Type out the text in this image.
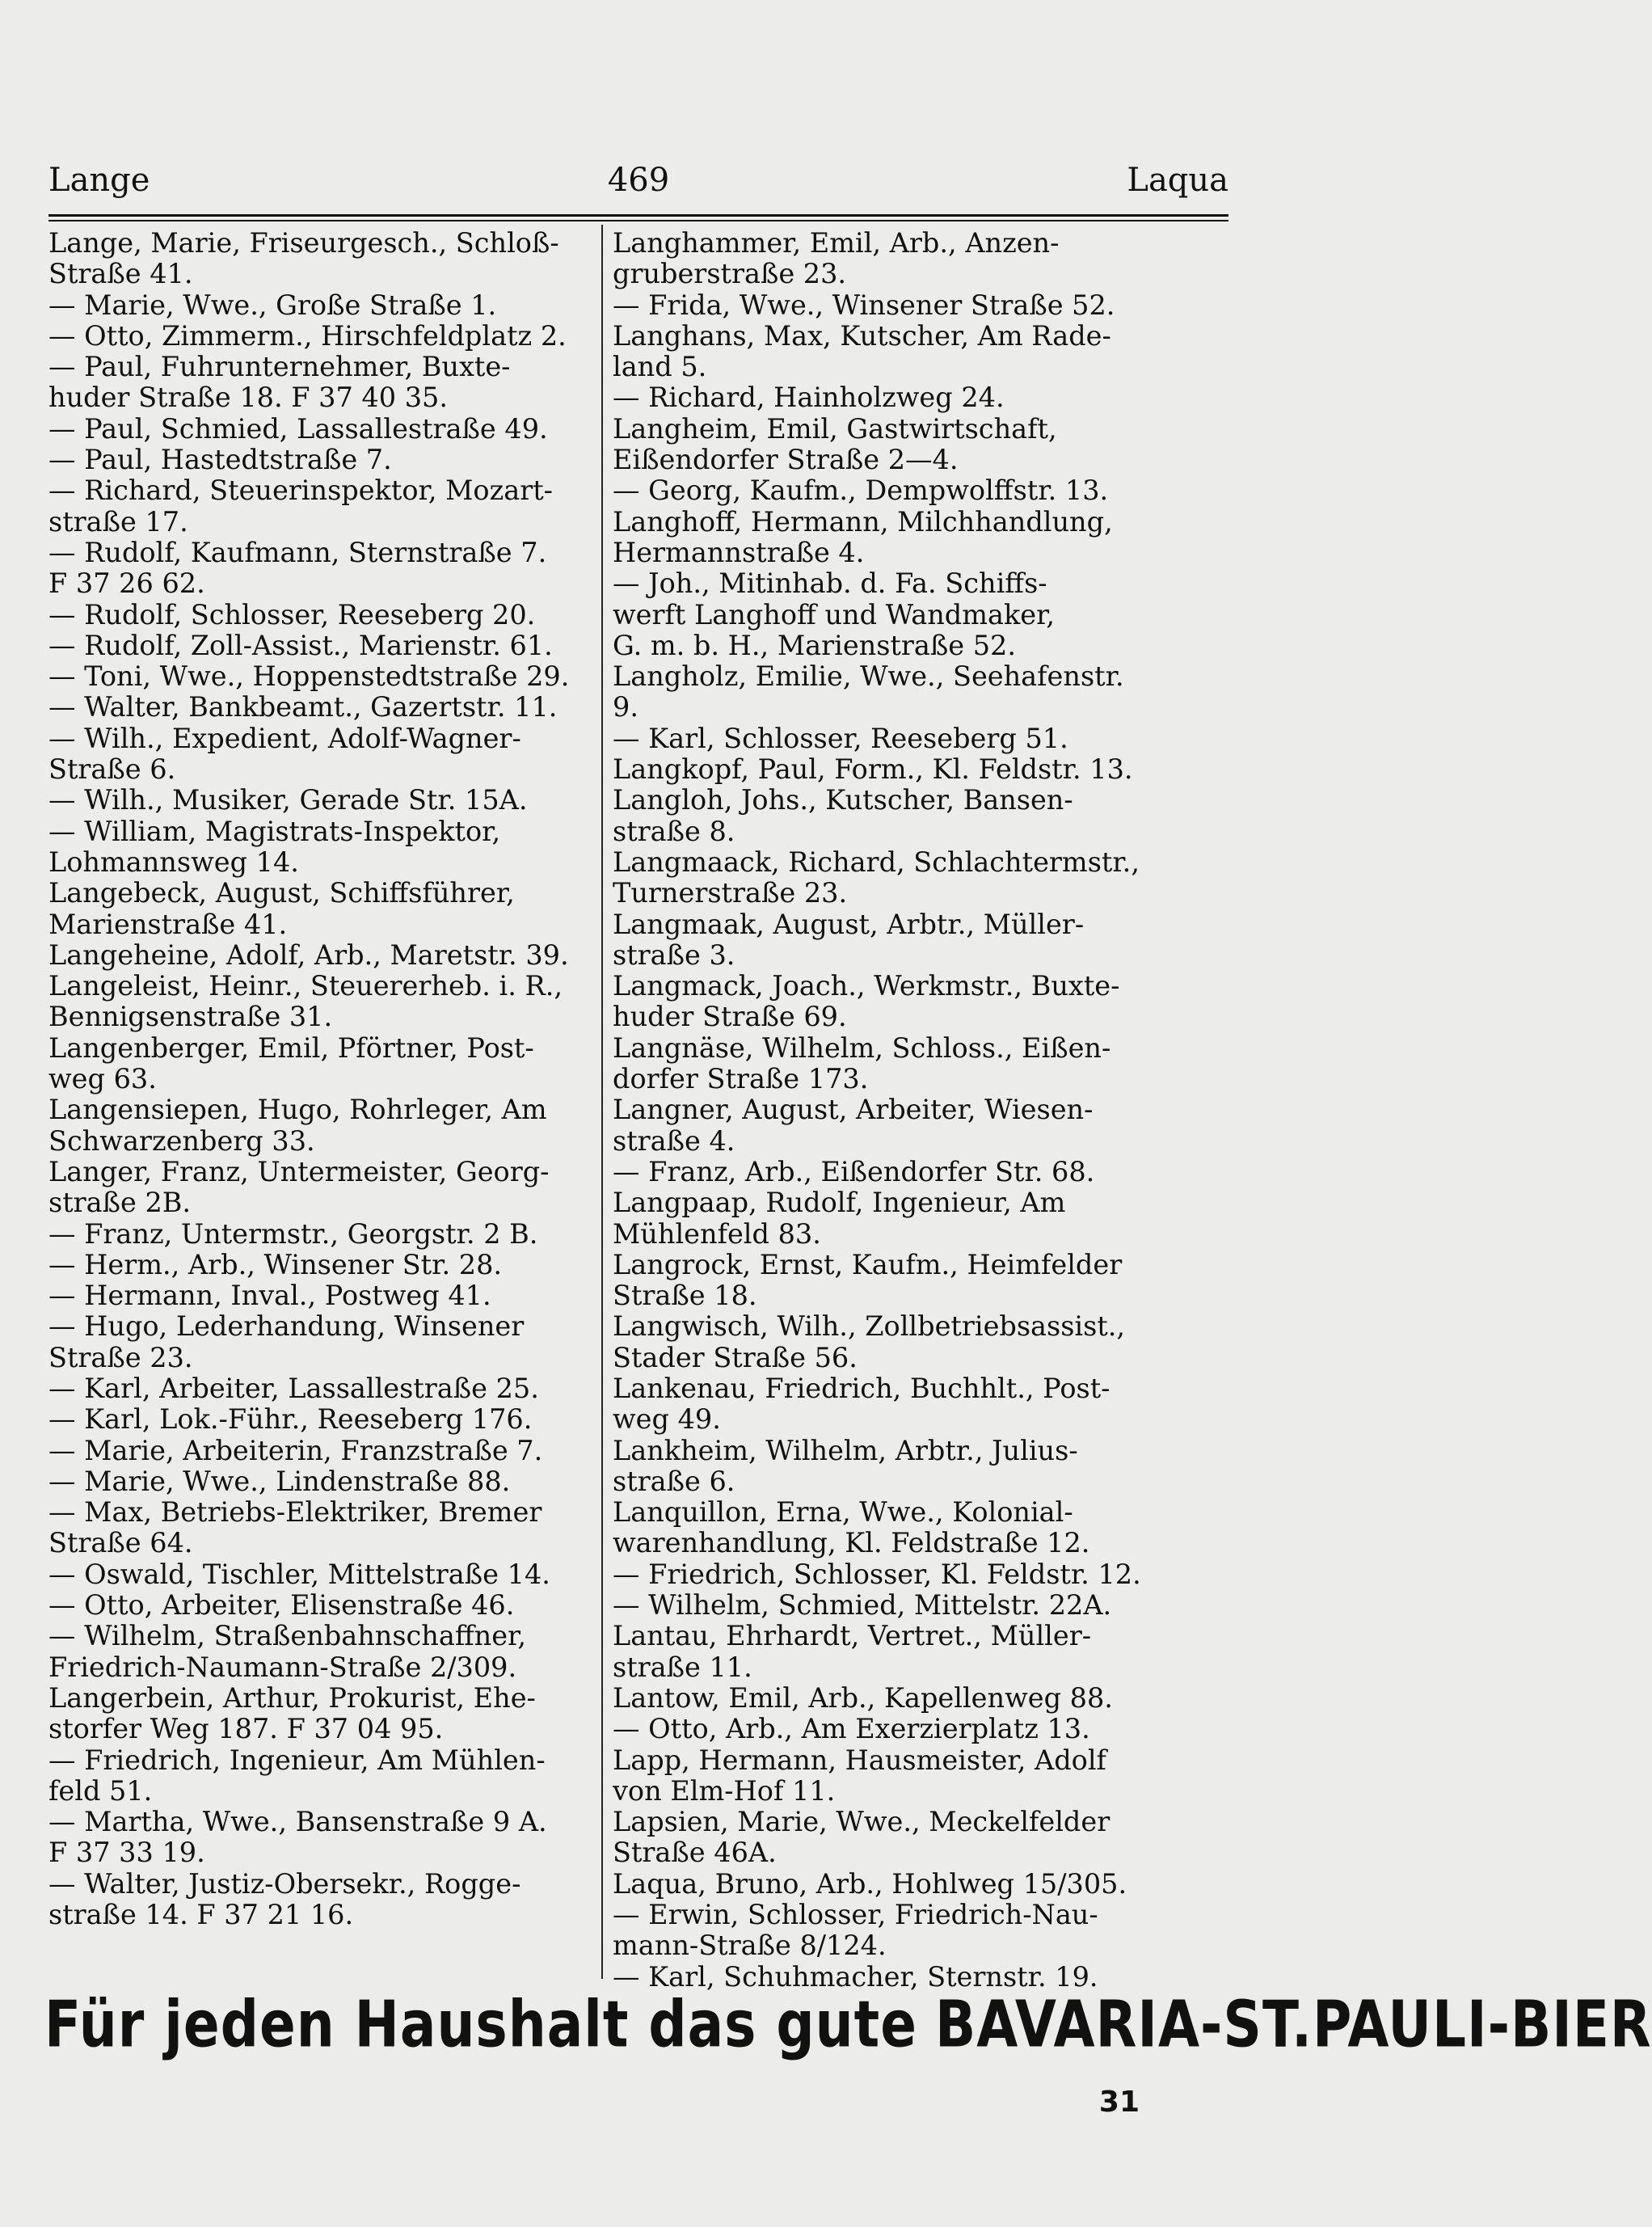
Lange	469	Laqua
Lange, Marie, Friseurgesch., Schloß-
Straße 41.
— Marie, Wwe., Große Straße 1.
— Otto, Zimmerm., Hirschfeldplatz 2.
— Paul, Fuhrunternehmer, Buxte-
huder Straße 18. F 37 40 35.
— Paul, Schmied, Lassallestraße 49.
— Paul, Hastedtstraße 7.
— Richard, Steuerinspektor, Mozart-
straße 17.
— Rudolf, Kaufmann, Sternstraße 7.
F 37 26 62.
— Rudolf, Schlosser, Reeseberg 20.
— Rudolf, Zoll-Assist., Marienstr. 61.
— Toni, Wwe., Hoppenstedtstraße 29.
— Walter, Bankbeamt., Gazertstr. 11.
— Wilh., Expedient, Adolf-Wagner-
Straße 6.
— Wilh., Musiker, Gerade Str. 15A.
— William, Magistrats-Inspektor,
Lohmannsweg 14.
Langebeck, August, Schiffsführer,
Marienstraße 41.
Langeheine, Adolf, Arb., Maretstr. 39.
Langeleist, Heinr., Steuererheb. i. R.,
Bennigsenstraße 31.
Langenberger, Emil, Pförtner, Post-
weg 63.
Langensiepen, Hugo, Rohrleger, Am
Schwarzenberg 33.
Langer, Franz, Untermeister, Georg-
straße 2B.
— Franz, Untermstr., Georgstr. 2 B.
— Herm., Arb., Winsener Str. 28.
— Hermann, Inval., Postweg 41.
— Hugo, Lederhandung, Winsener
Straße 23.
— Karl, Arbeiter, Lassallestraße 25.
— Karl, Lok.-Führ., Reeseberg 176.
— Marie, Arbeiterin, Franzstraße 7.
— Marie, Wwe., Lindenstraße 88.
— Max, Betriebs-Elektriker, Bremer
Straße 64.
— Oswald, Tischler, Mittelstraße 14.
— Otto, Arbeiter, Elisenstraße 46.
— Wilhelm, Straßenbahnschaffner,
Friedrich-Naumann-Straße 2/309.
Langerbein, Arthur, Prokurist, Ehe-
storfer Weg 187. F 37 04 95.
— Friedrich, Ingenieur, Am Mühlen-
feld 51.
— Martha, Wwe., Bansenstraße 9 A.
F 37 33 19.
— Walter, Justiz-Obersekr., Rogge-
straße 14. F 37 21 16.
Langhammer, Emil, Arb., Anzen-
gruberstraße 23.
— Frida, Wwe., Winsener Straße 52.
Langhans, Max, Kutscher, Am Rade-
land 5.
— Richard, Hainholzweg 24.
Langheim, Emil, Gastwirtschaft,
Eißendorfer Straße 2—4.
— Georg, Kaufm., Dempwolffstr. 13.
Langhoff, Hermann, Milchhandlung,
Hermannstraße 4.
— Joh., Mitinhab. d. Fa. Schiffs-
werft Langhoff und Wandmaker,
G. m. b. H., Marienstraße 52.
Langholz, Emilie, Wwe., Seehafenstr. 9.
— Karl, Schlosser, Reeseberg 51.
Langkopf, Paul, Form., Kl. Feldstr. 13.
Langloh, Johs., Kutscher, Bansen-
straße 8.
Langmaack, Richard, Schlachtermstr.,
Turnerstraße 23.
Langmaak, August, Arbtr., Müller-
straße 3.
Langmack, Joach., Werkmstr., Buxte-
huder Straße 69.
Langnäse, Wilhelm, Schloss., Eißen-
dorfer Straße 173.
Langner, August, Arbeiter, Wiesen-
straße 4.
— Franz, Arb., Eißendorfer Str. 68.
Langpaap, Rudolf, Ingenieur, Am
Mühlenfeld 83.
Langrock, Ernst, Kaufm., Heimfelder
Straße 18.
Langwisch, Wilh., Zollbetriebsassist.,
Stader Straße 56.
Lankenau, Friedrich, Buchhlt., Post-
weg 49.
Lankheim, Wilhelm, Arbtr., Julius-
straße 6.
Lanquillon, Erna, Wwe., Kolonial-
warenhandlung, Kl. Feldstraße 12.
— Friedrich, Schlosser, Kl. Feldstr. 12.
— Wilhelm, Schmied, Mittelstr. 22A.
Lantau, Ehrhardt, Vertret., Müller-
straße 11.
Lantow, Emil, Arb., Kapellenweg 88.
— Otto, Arb., Am Exerzierplatz 13.
Lapp, Hermann, Hausmeister, Adolf
von Elm-Hof 11.
Lapsien, Marie, Wwe., Meckelfelder
Straße 46A.
Laqua, Bruno, Arb., Hohlweg 15/305.
— Erwin, Schlosser, Friedrich-Nau-
mann-Straße 8/124.
— Karl, Schuhmacher, Sternstr. 19.
Für jeden Haushalt das gute BAVARIA-ST.PAULI-BIER
31
